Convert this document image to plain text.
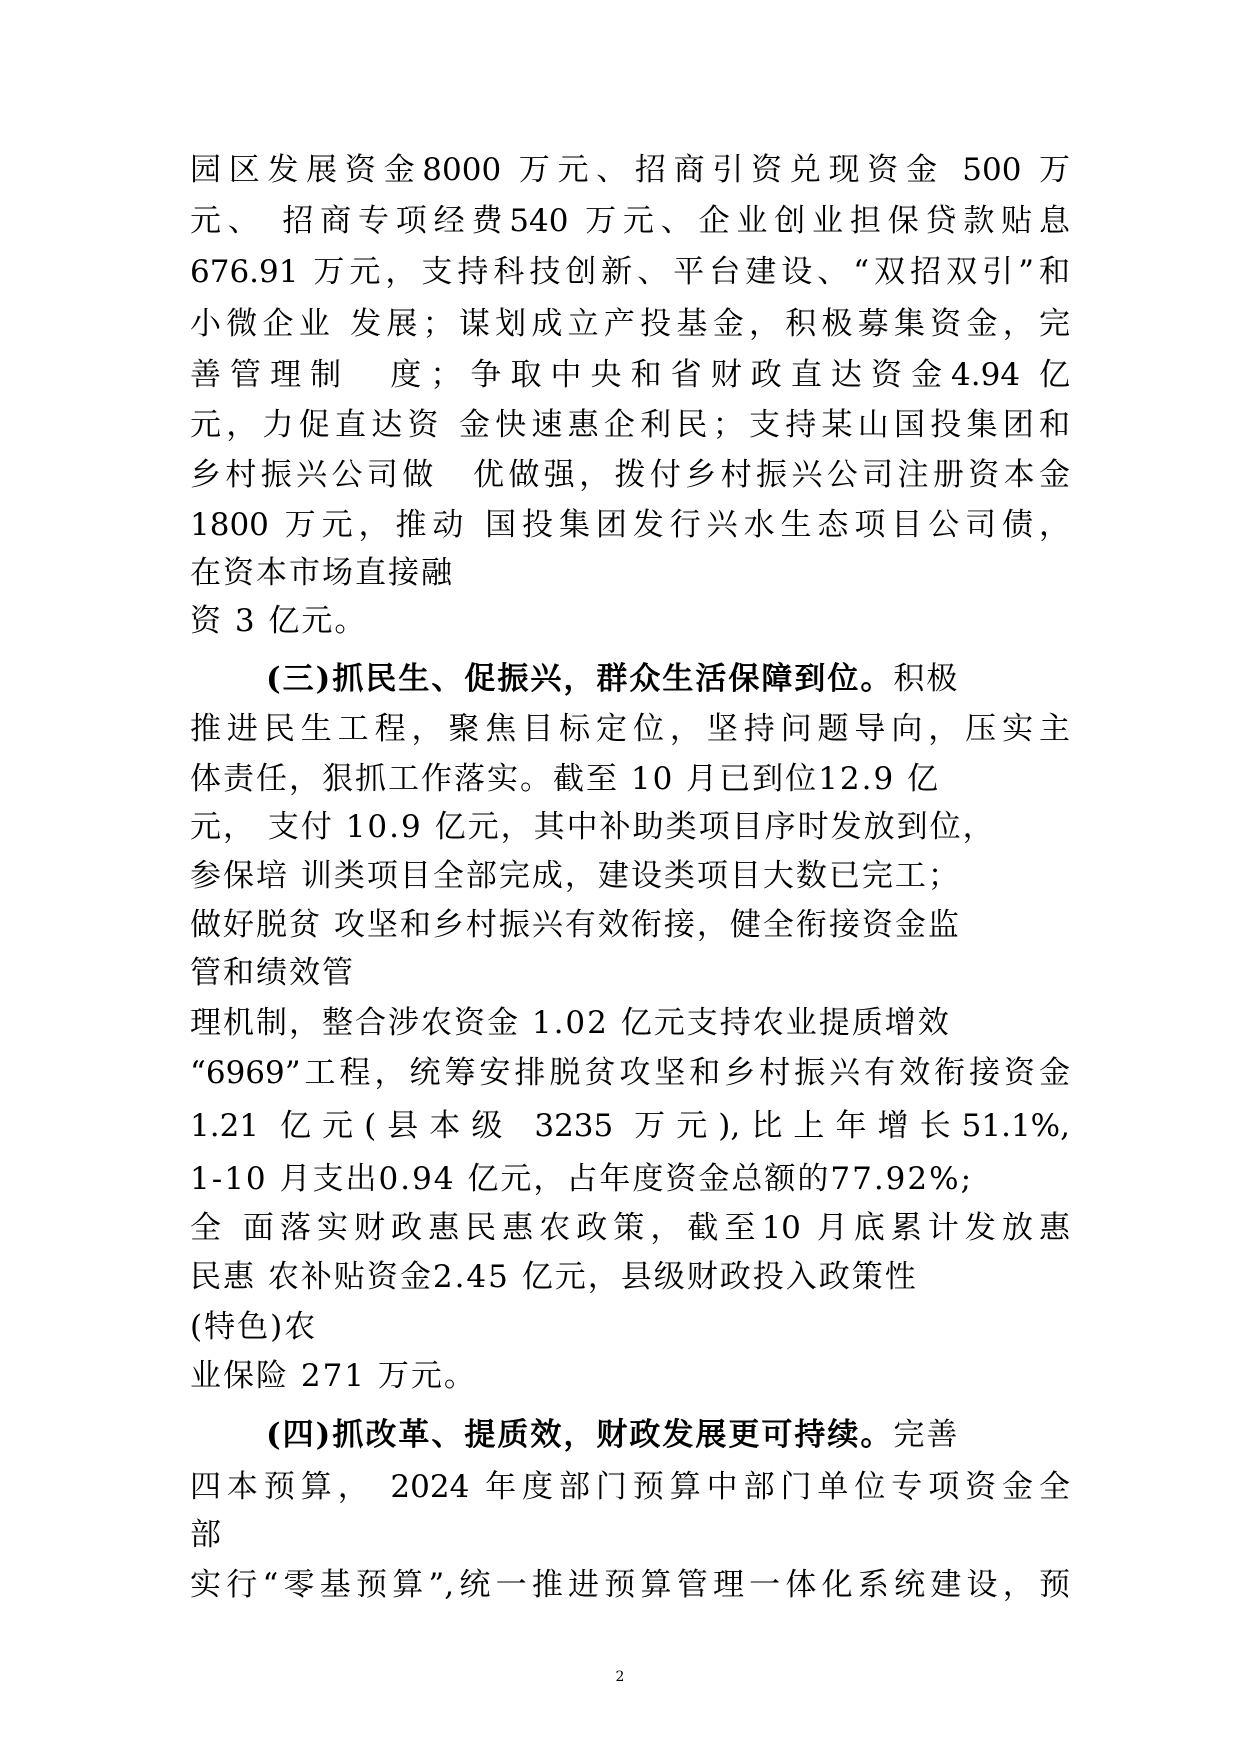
园区发展资金8000 万元、招商引资兑现资金 500 万
元、 招商专项经费540 万元、企业创业担保贷款贴息
676.91 万元，支持科技创新、平台建设、“双招双引”和
小微企业 发展；谋划成立产投基金，积极募集资金，完
善管理制　度；争取中央和省财政直达资金4.94 亿
元，力促直达资 金快速惠企利民；支持某山国投集团和
乡村振兴公司做　优做强，拨付乡村振兴公司注册资本金
1800 万元，推动 国投集团发行兴水生态项目公司债，
在资本市场直接融
资 3 亿元。
(三)抓民生、促振兴，群众生活保障到位。积极
推进民生工程，聚焦目标定位，坚持问题导向，压实主
体责任，狠抓工作落实。截至 10 月已到位12.9 亿
元， 支付 10.9 亿元，其中补助类项目序时发放到位，
参保培 训类项目全部完成，建设类项目大数已完工；
做好脱贫 攻坚和乡村振兴有效衔接，健全衔接资金监
管和绩效管
理机制，整合涉农资金 1.02 亿元支持农业提质增效
“6969”工程，统筹安排脱贫攻坚和乡村振兴有效衔接资金
1.21 亿元(县本级 3235 万元),比上年增长51.1%,
1-10 月支出0.94 亿元，占年度资金总额的77.92%;
全 面落实财政惠民惠农政策，截至10 月底累计发放惠
民惠 农补贴资金2.45 亿元，县级财政投入政策性
(特色)农
业保险 271 万元。
(四)抓改革、提质效，财政发展更可持续。完善
四本预算， 2024 年度部门预算中部门单位专项资金全
部
实行“零基预算”,统一推进预算管理一体化系统建设，预
2
